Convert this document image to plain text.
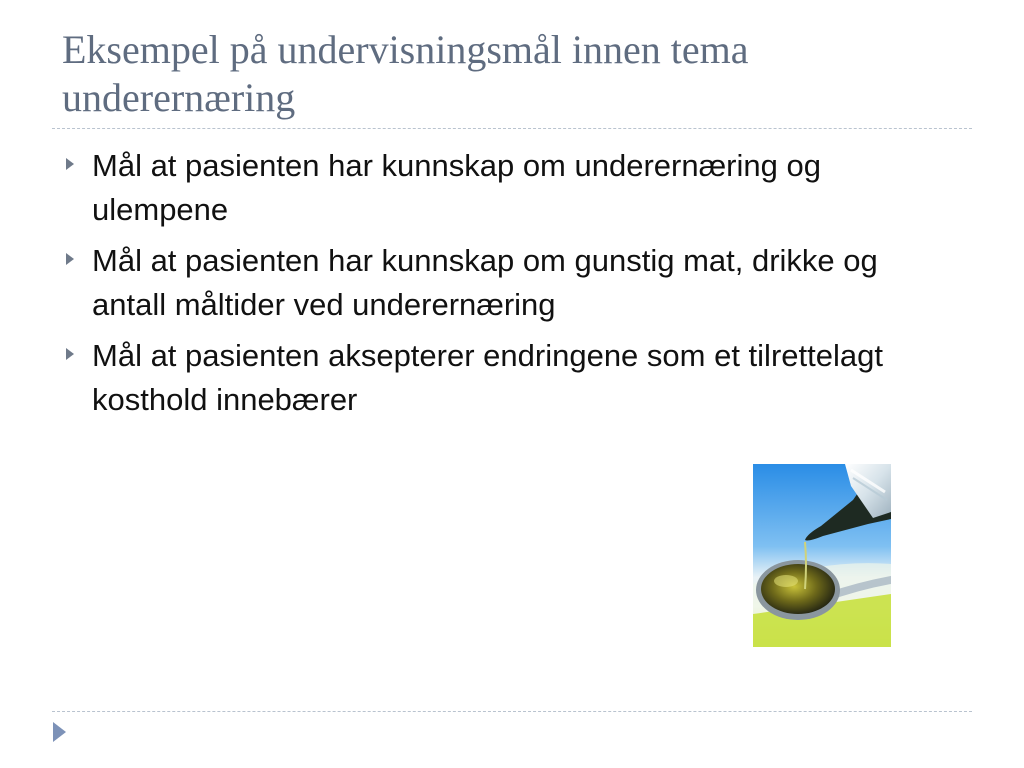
Eksempel på undervisningsmål innen tema underernæring
Mål at pasienten har kunnskap om underernæring og ulempene
Mål at pasienten har kunnskap om gunstig mat, drikke og antall måltider ved underernæring
Mål at pasienten aksepterer endringene som et tilrettelagt kosthold innebærer
